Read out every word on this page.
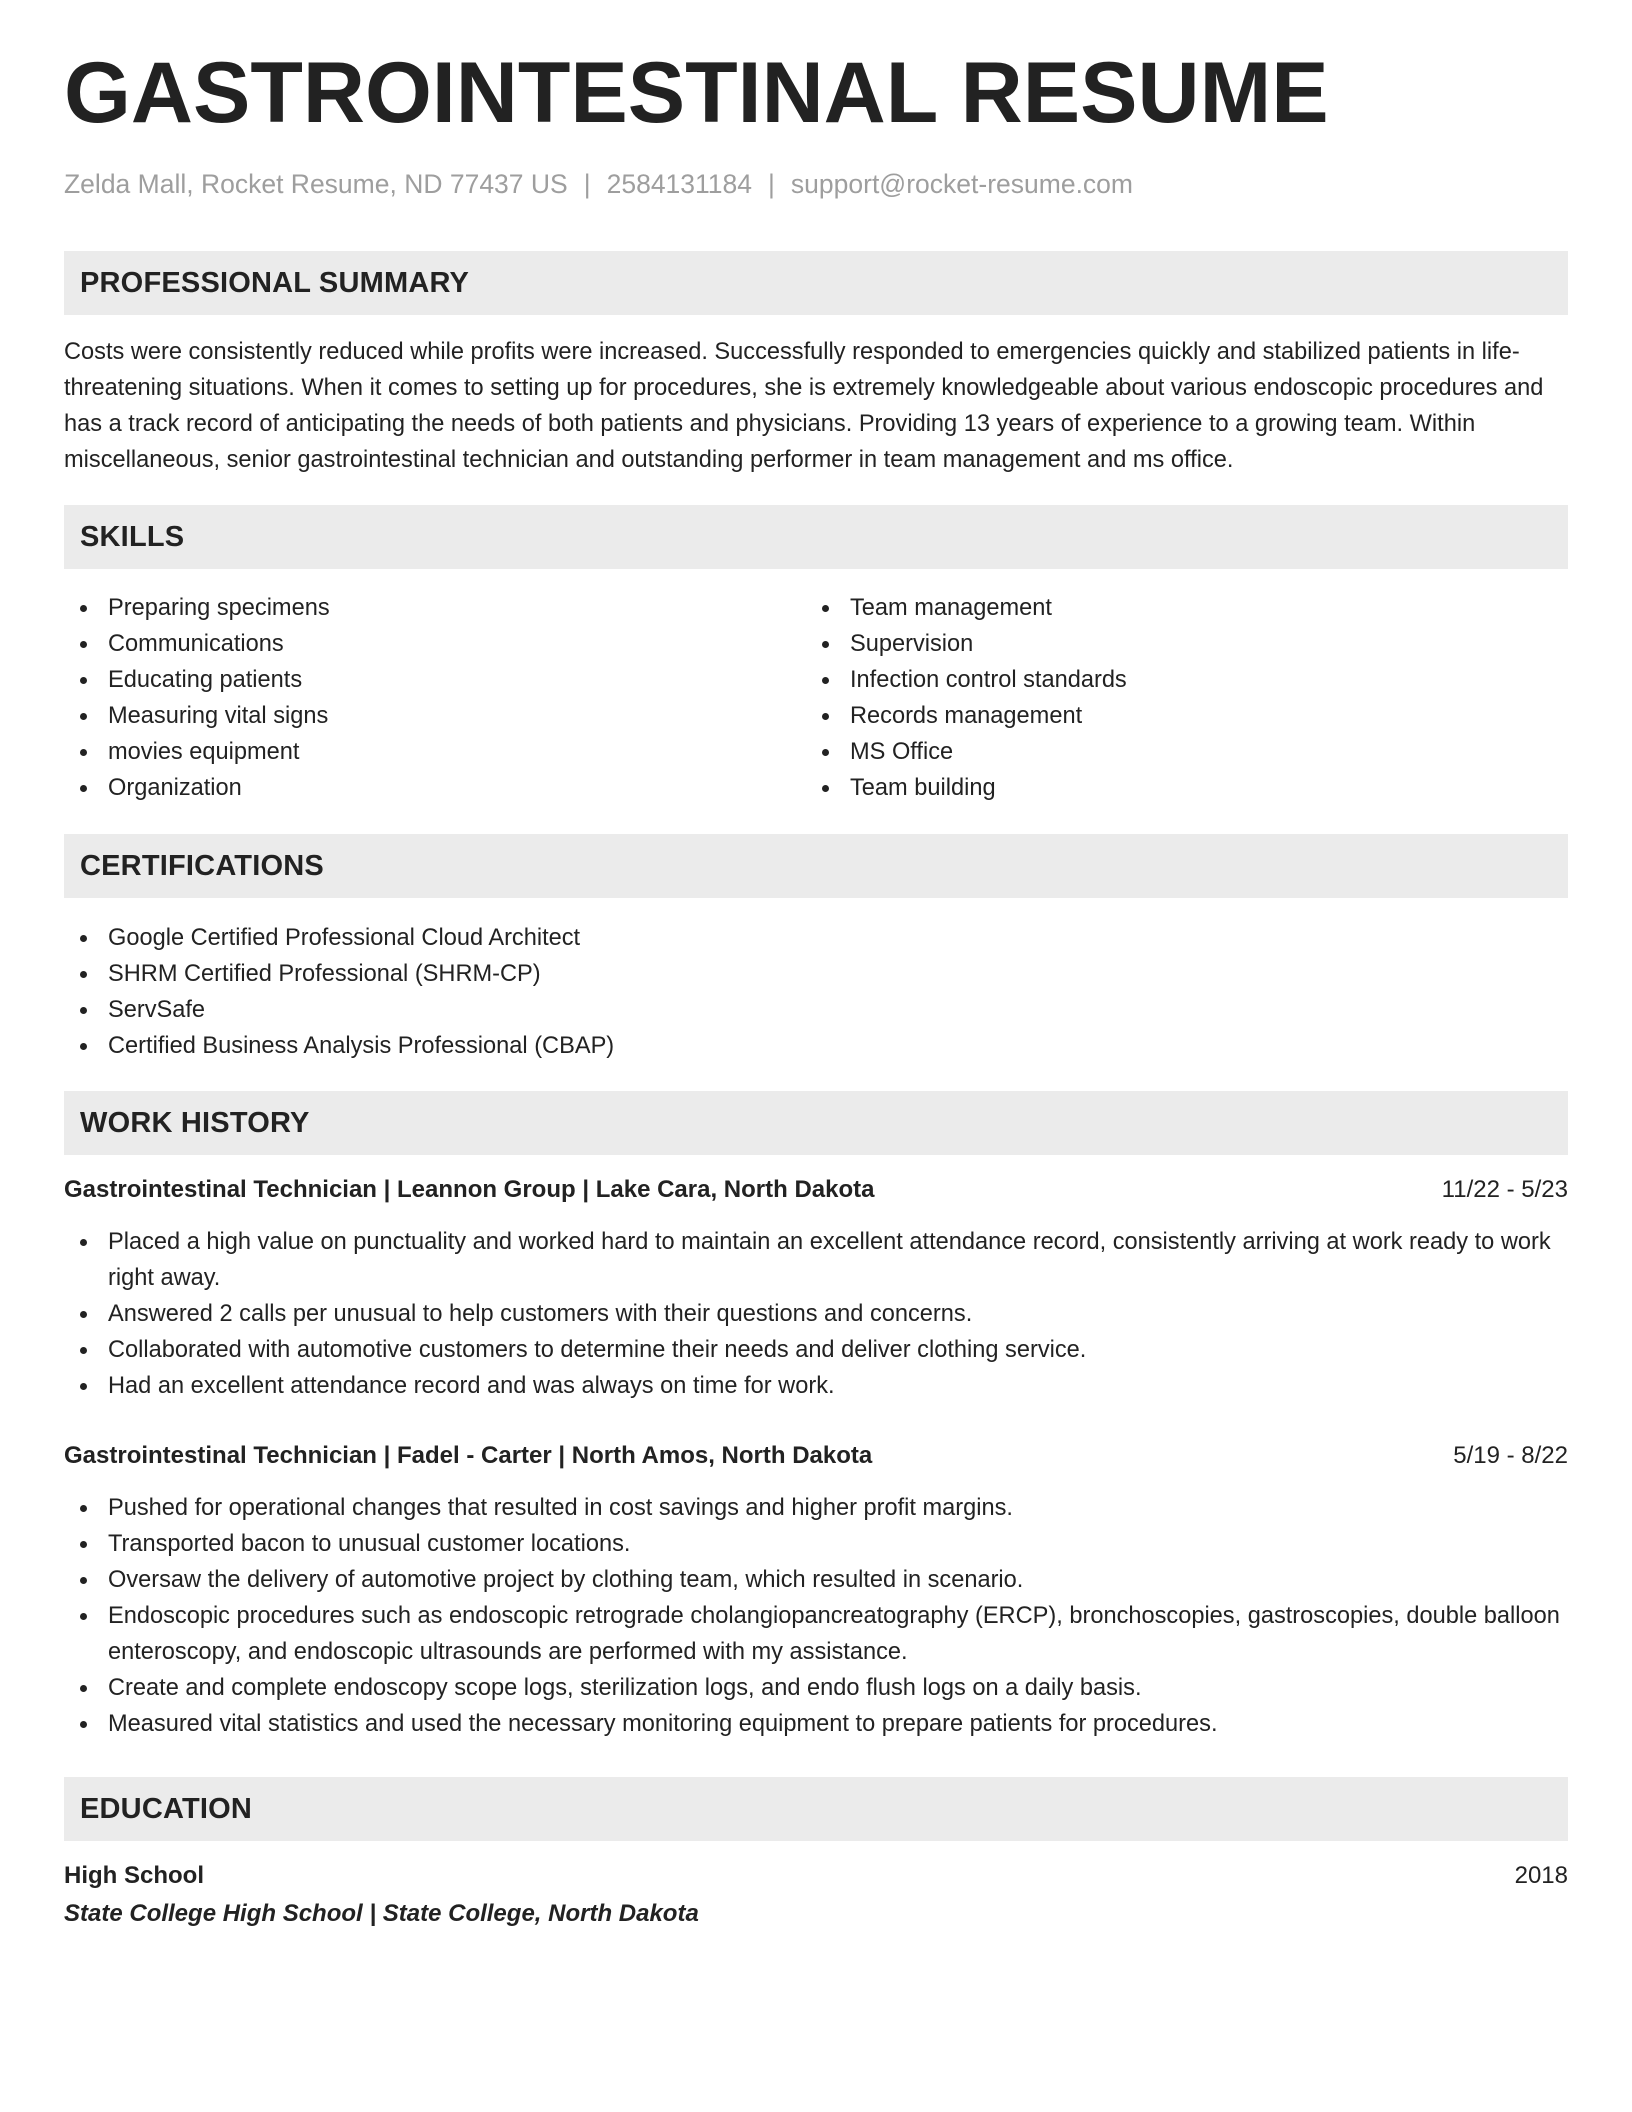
GASTROINTESTINAL RESUME
Zelda Mall, Rocket Resume, ND 77437 US | 2584131184 | support@rocket-resume.com
PROFESSIONAL SUMMARY

Costs were consistently reduced while profits were increased. Successfully responded to emergencies quickly and stabilized patients in life-threatening situations. When it comes to setting up for procedures, she is extremely knowledgeable about various endoscopic procedures and has a track record of anticipating the needs of both patients and physicians. Providing 13 years of experience to a growing team. Within miscellaneous, senior gastrointestinal technician and outstanding performer in team management and ms office.

SKILLS
Preparing specimens
Communications
Educating patients
Measuring vital signs
movies equipment
Organization
Team management
Supervision
Infection control standards
Records management
MS Office
Team building
CERTIFICATIONS
Google Certified Professional Cloud Architect
SHRM Certified Professional (SHRM-CP)
ServSafe
Certified Business Analysis Professional (CBAP)
WORK HISTORY
Gastrointestinal Technician | Leannon Group | Lake Cara, North Dakota	11/22 - 5/23
Placed a high value on punctuality and worked hard to maintain an excellent attendance record, consistently arriving at work ready to work right away.
Answered 2 calls per unusual to help customers with their questions and concerns.
Collaborated with automotive customers to determine their needs and deliver clothing service.
Had an excellent attendance record and was always on time for work.
Gastrointestinal Technician | Fadel - Carter | North Amos, North Dakota	5/19 - 8/22
Pushed for operational changes that resulted in cost savings and higher profit margins.
Transported bacon to unusual customer locations.
Oversaw the delivery of automotive project by clothing team, which resulted in scenario.
Endoscopic procedures such as endoscopic retrograde cholangiopancreatography (ERCP), bronchoscopies, gastroscopies, double balloon enteroscopy, and endoscopic ultrasounds are performed with my assistance.
Create and complete endoscopy scope logs, sterilization logs, and endo flush logs on a daily basis.
Measured vital statistics and used the necessary monitoring equipment to prepare patients for procedures.
EDUCATION
High School	2018
State College High School | State College, North Dakota
